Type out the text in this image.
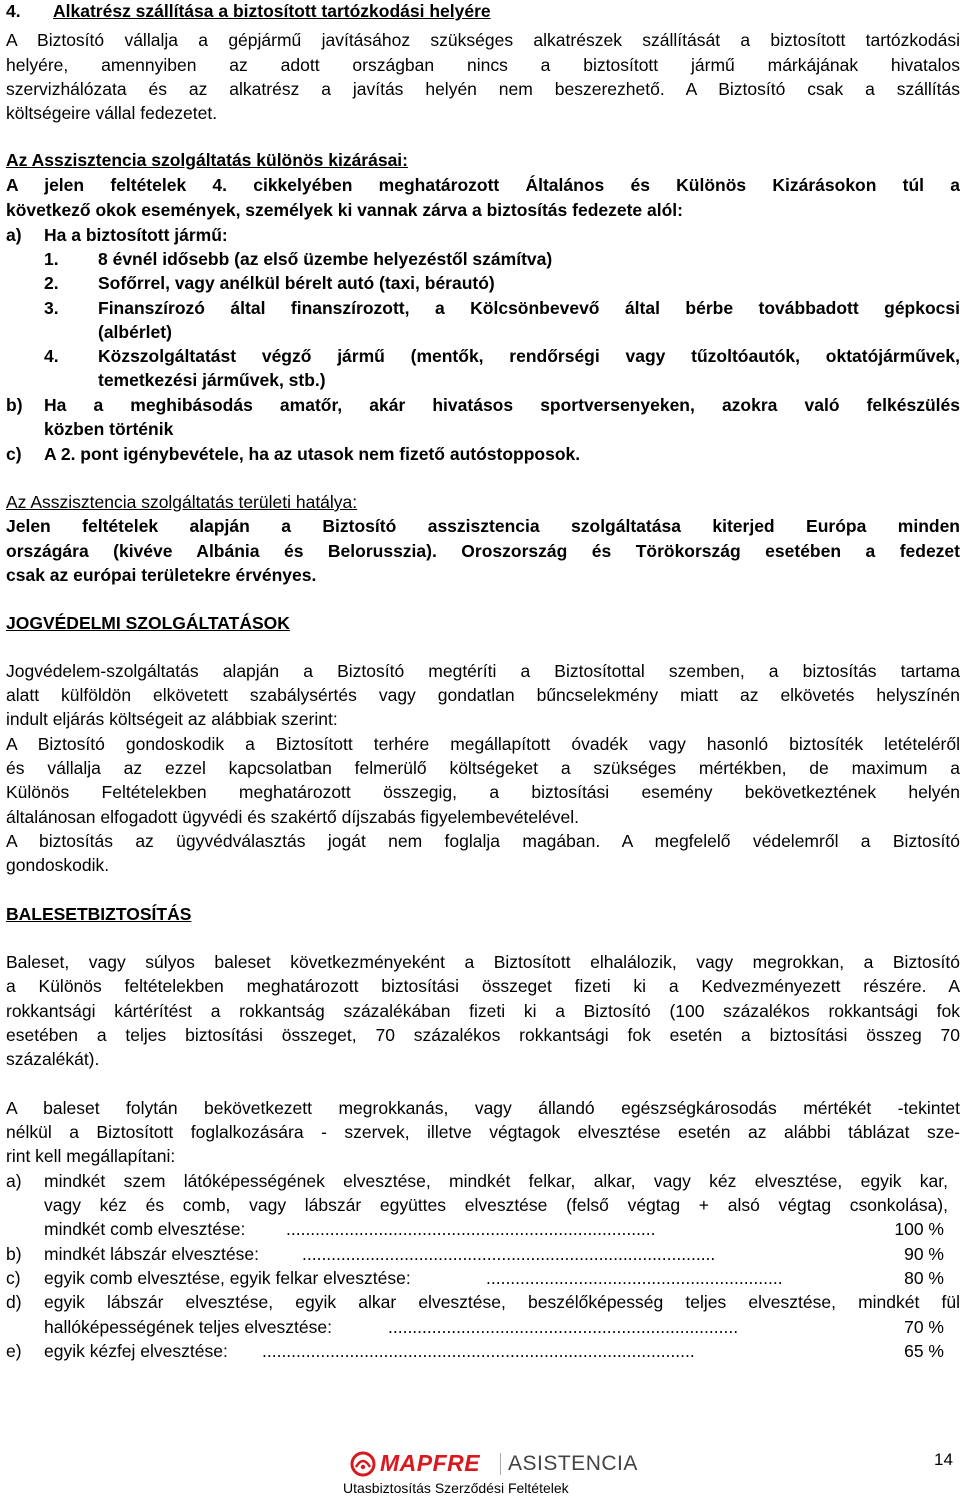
4. Alkatrész szállítása a biztosított tartózkodási helyére
A Biztosító vállalja a gépjármű javításához szükséges alkatrészek szállítását a biztosított tartózkodási
helyére, amennyiben az adott országban nincs a biztosított jármű márkájának hivatalos
szervizhálózata és az alkatrész a javítás helyén nem beszerezhető. A Biztosító csak a szállítás
költségeire vállal fedezetet.
Az Asszisztencia szolgáltatás különös kizárásai:
A jelen feltételek 4. cikkelyében meghatározott Általános és Különös Kizárásokon túl a
következő okok események, személyek ki vannak zárva a biztosítás fedezete alól:
a) Ha a biztosított jármű:
1. 8 évnél idősebb (az első üzembe helyezéstől számítva)
2. Sofőrrel, vagy anélkül bérelt autó (taxi, bérautó)
3. Finanszírozó által finanszírozott, a Kölcsönbevevő által bérbe továbbadott gépkocsi
(albérlet)
4. Közszolgáltatást végző jármű (mentők, rendőrségi vagy tűzoltóautók, oktatójárművek,
temetkezési járművek, stb.)
b) Ha a meghibásodás amatőr, akár hivatásos sportversenyeken, azokra való felkészülés
közben történik
c) A 2. pont igénybevétele, ha az utasok nem fizető autóstopposok.
Az Asszisztencia szolgáltatás területi hatálya:
Jelen feltételek alapján a Biztosító asszisztencia szolgáltatása kiterjed Európa minden
országára (kivéve Albánia és Belorusszia). Oroszország és Törökország esetében a fedezet
csak az európai területekre érvényes.
JOGVÉDELMI SZOLGÁLTATÁSOK
Jogvédelem-szolgáltatás alapján a Biztosító megtéríti a Biztosítottal szemben, a biztosítás tartama
alatt külföldön elkövetett szabálysértés vagy gondatlan bűncselekmény miatt az elkövetés helyszínén
indult eljárás költségeit az alábbiak szerint:
A Biztosító gondoskodik a Biztosított terhére megállapított óvadék vagy hasonló biztosíték letételéről
és vállalja az ezzel kapcsolatban felmerülő költségeket a szükséges mértékben, de maximum a
Különös Feltételekben meghatározott összegig, a biztosítási esemény bekövetkeztének helyén
általánosan elfogadott ügyvédi és szakértő díjszabás figyelembevételével.
A biztosítás az ügyvédválasztás jogát nem foglalja magában. A megfelelő védelemről a Biztosító
gondoskodik.
BALESETBIZTOSÍTÁS
Baleset, vagy súlyos baleset következményeként a Biztosított elhalálozik, vagy megrokkan, a Biztosító
a Különös feltételekben meghatározott biztosítási összeget fizeti ki a Kedvezményezett részére. A
rokkantsági kártérítést a rokkantság százalékában fizeti ki a Biztosító (100 százalékos rokkantsági fok
esetében a teljes biztosítási összeget, 70 százalékos rokkantsági fok esetén a biztosítási összeg 70
százalékát).
A baleset folytán bekövetkezett megrokkanás, vagy állandó egészségkárosodás mértékét -tekintet
nélkül a Biztosított foglalkozására - szervek, illetve végtagok elvesztése esetén az alábbi táblázat sze-
rint kell megállapítani:
a) mindkét szem látóképességének elvesztése, mindkét felkar, alkar, vagy kéz elvesztése, egyik kar,
vagy kéz és comb, vagy lábszár együttes elvesztése (felső végtag + alsó végtag csonkolása),
mindkét comb elvesztése: ............................................................................	100 %
b) mindkét lábszár elvesztése: .....................................................................................	90 %
c) egyik comb elvesztése, egyik felkar elvesztése:	.............................................................	80 %
d) egyik lábszár elvesztése, egyik alkar elvesztése, beszélőképesség teljes elvesztése, mindkét fül
hallóképességének teljes elvesztése:	........................................................................	70 %
e) egyik kézfej elvesztése: .........................................................................................	65 %
MAPFRE ASISTENCIA
Utasbiztosítás Szerződési Feltételek
14
